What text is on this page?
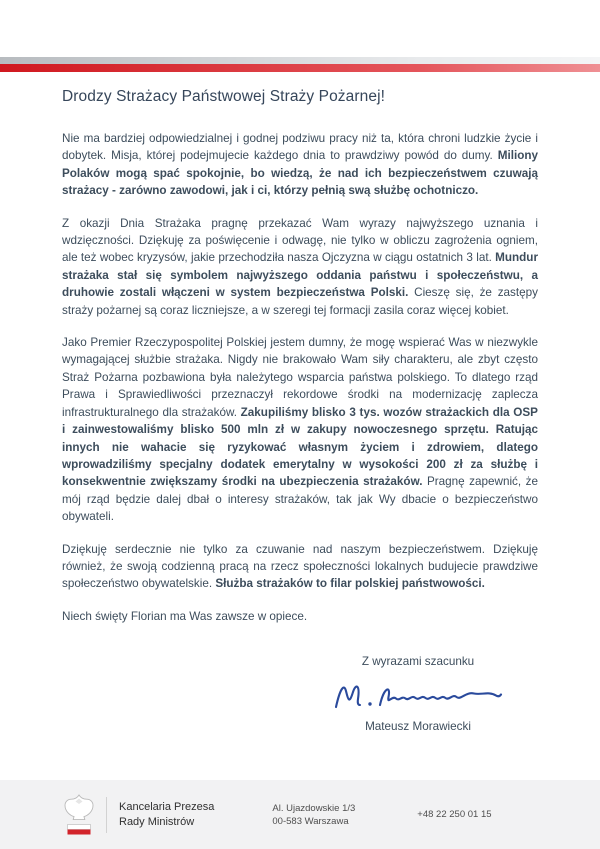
Drodzy Strażacy Państwowej Straży Pożarnej!

Nie ma bardziej odpowiedzialnej i godnej podziwu pracy niż ta, która chroni ludzkie życie i dobytek. Misja, której podejmujecie każdego dnia to prawdziwy powód do dumy. Miliony Polaków mogą spać spokojnie, bo wiedzą, że nad ich bezpieczeństwem czuwają strażacy - zarówno zawodowi, jak i ci, którzy pełnią swą służbę ochotniczo.

Z okazji Dnia Strażaka pragnę przekazać Wam wyrazy najwyższego uznania i wdzięczności. Dziękuję za poświęcenie i odwagę, nie tylko w obliczu zagrożenia ogniem, ale też wobec kryzysów, jakie przechodziła nasza Ojczyzna w ciągu ostatnich 3 lat. Mundur strażaka stał się symbolem najwyższego oddania państwu i społeczeństwu, a druhowie zostali włączeni w system bezpieczeństwa Polski. Cieszę się, że zastępy straży pożarnej są coraz liczniejsze, a w szeregi tej formacji zasila coraz więcej kobiet.

Jako Premier Rzeczypospolitej Polskiej jestem dumny, że mogę wspierać Was w niezwykle wymagającej służbie strażaka. Nigdy nie brakowało Wam siły charakteru, ale zbyt często Straż Pożarna pozbawiona była należytego wsparcia państwa polskiego. To dlatego rząd Prawa i Sprawiedliwości przeznaczył rekordowe środki na modernizację zaplecza infrastrukturalnego dla strażaków. Zakupiliśmy blisko 3 tys. wozów strażackich dla OSP i zainwestowaliśmy blisko 500 mln zł w zakupy nowoczesnego sprzętu. Ratując innych nie wahacie się ryzykować własnym życiem i zdrowiem, dlatego wprowadziliśmy specjalny dodatek emerytalny w wysokości 200 zł za służbę i konsekwentnie zwiększamy środki na ubezpieczenia strażaków. Pragnę zapewnić, że mój rząd będzie dalej dbał o interesy strażaków, tak jak Wy dbacie o bezpieczeństwo obywateli.

Dziękuję serdecznie nie tylko za czuwanie nad naszym bezpieczeństwem. Dziękuję również, że swoją codzienną pracą na rzecz społeczności lokalnych budujecie prawdziwe społeczeństwo obywatelskie. Służba strażaków to filar polskiej państwowości.

Niech święty Florian ma Was zawsze w opiece.

Z wyrazami szacunku
Mateusz Morawiecki
Kancelaria Prezesa
Rady Ministrów
Al. Ujazdowskie 1/3
00-583 Warszawa
+48 22 250 01 15
